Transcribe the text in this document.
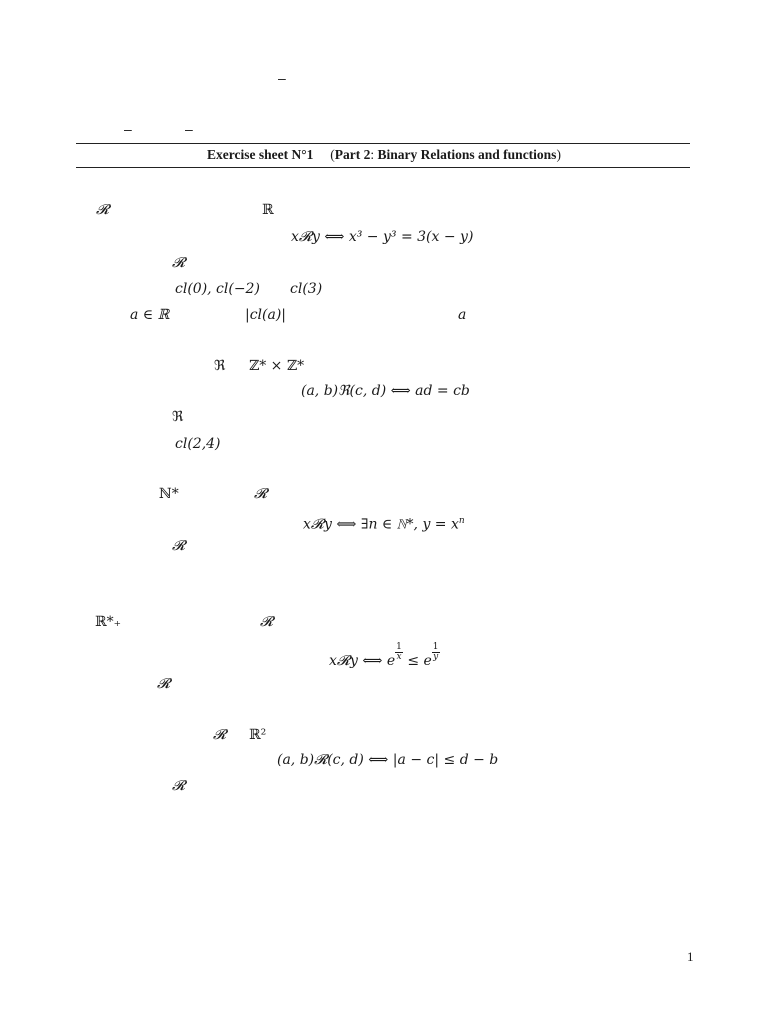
–
–	–
Exercise sheet N°1 (Part 2: Binary Relations and functions)
𝓡	ℝ
x𝓡y ⟺ x³ − y³ = 3(x − y)
𝓡
cl(0), cl(−2) cl(3)
a ∈ ℝ	|cl(a)|	a
ℜ ℤ* × ℤ*
(a, b)ℜ(c, d) ⟺ ad = cb
ℜ
cl(2,4)
ℕ*	𝓡
x𝓡y ⟺ ∃n ∈ ℕ*, $y = x^n$
𝓡
ℝ*₊	𝓡
x𝓡y ⟺ e $\frac{1}{x} \le e \frac{1}{y}$
𝓡
𝓡 ℝ²
(a, b)𝓡(c, d) ⟺ |a − c| ≤ d − b
𝓡
1
